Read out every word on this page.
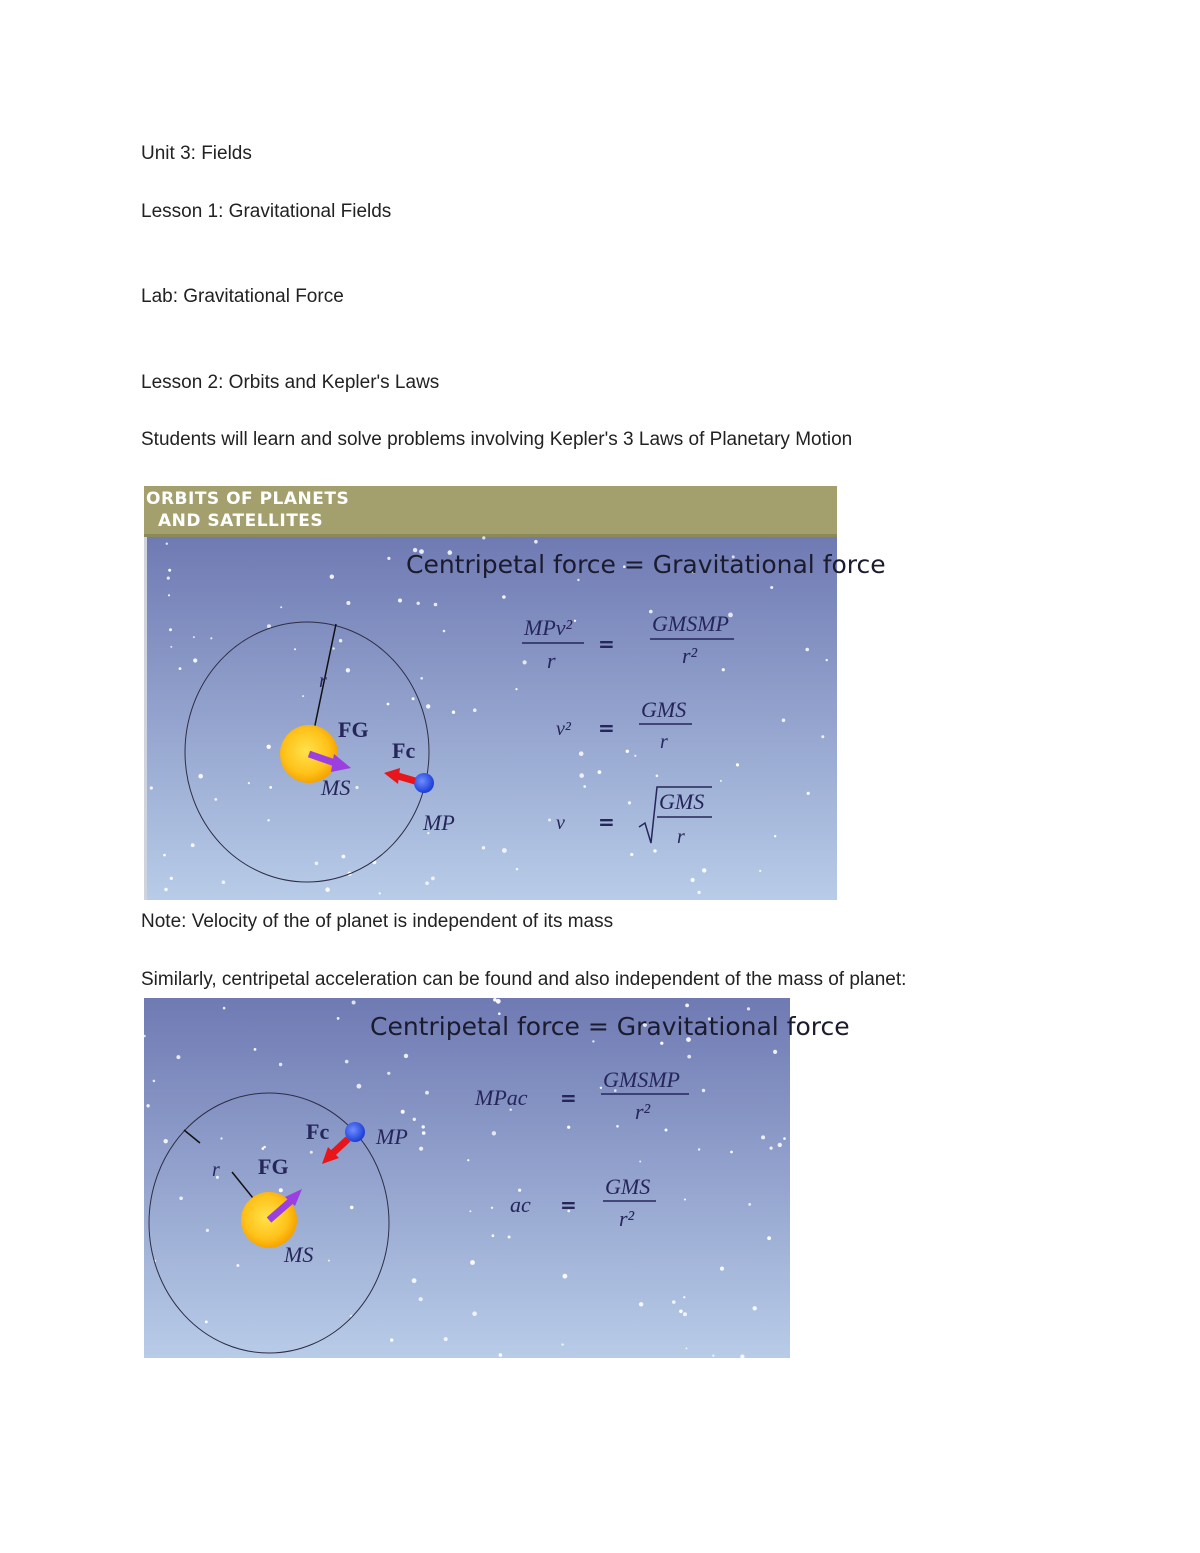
Unit 3: Fields

Lesson 1: Gravitational Fields

Lab: Gravitational Force

Lesson 2: Orbits and Kepler's Laws

Students will learn and solve problems involving Kepler's 3 Laws of Planetary Motion

ORBITS OF PLANETS

AND SATELLITES

Centripetal force = Gravitational force
MPv²
r
=
GMSMP
r²
v² =
GMS
r
v =
GMS
r
r
FG
MS
Fc
MP

Note: Velocity of the of planet is independent of its mass

Similarly, centripetal acceleration can be found and also independent of the mass of planet:

Centripetal force = Gravitational force
MPac =
GMSMP
r²
ac =
GMS
r²
r FG
MS
Fc MP
